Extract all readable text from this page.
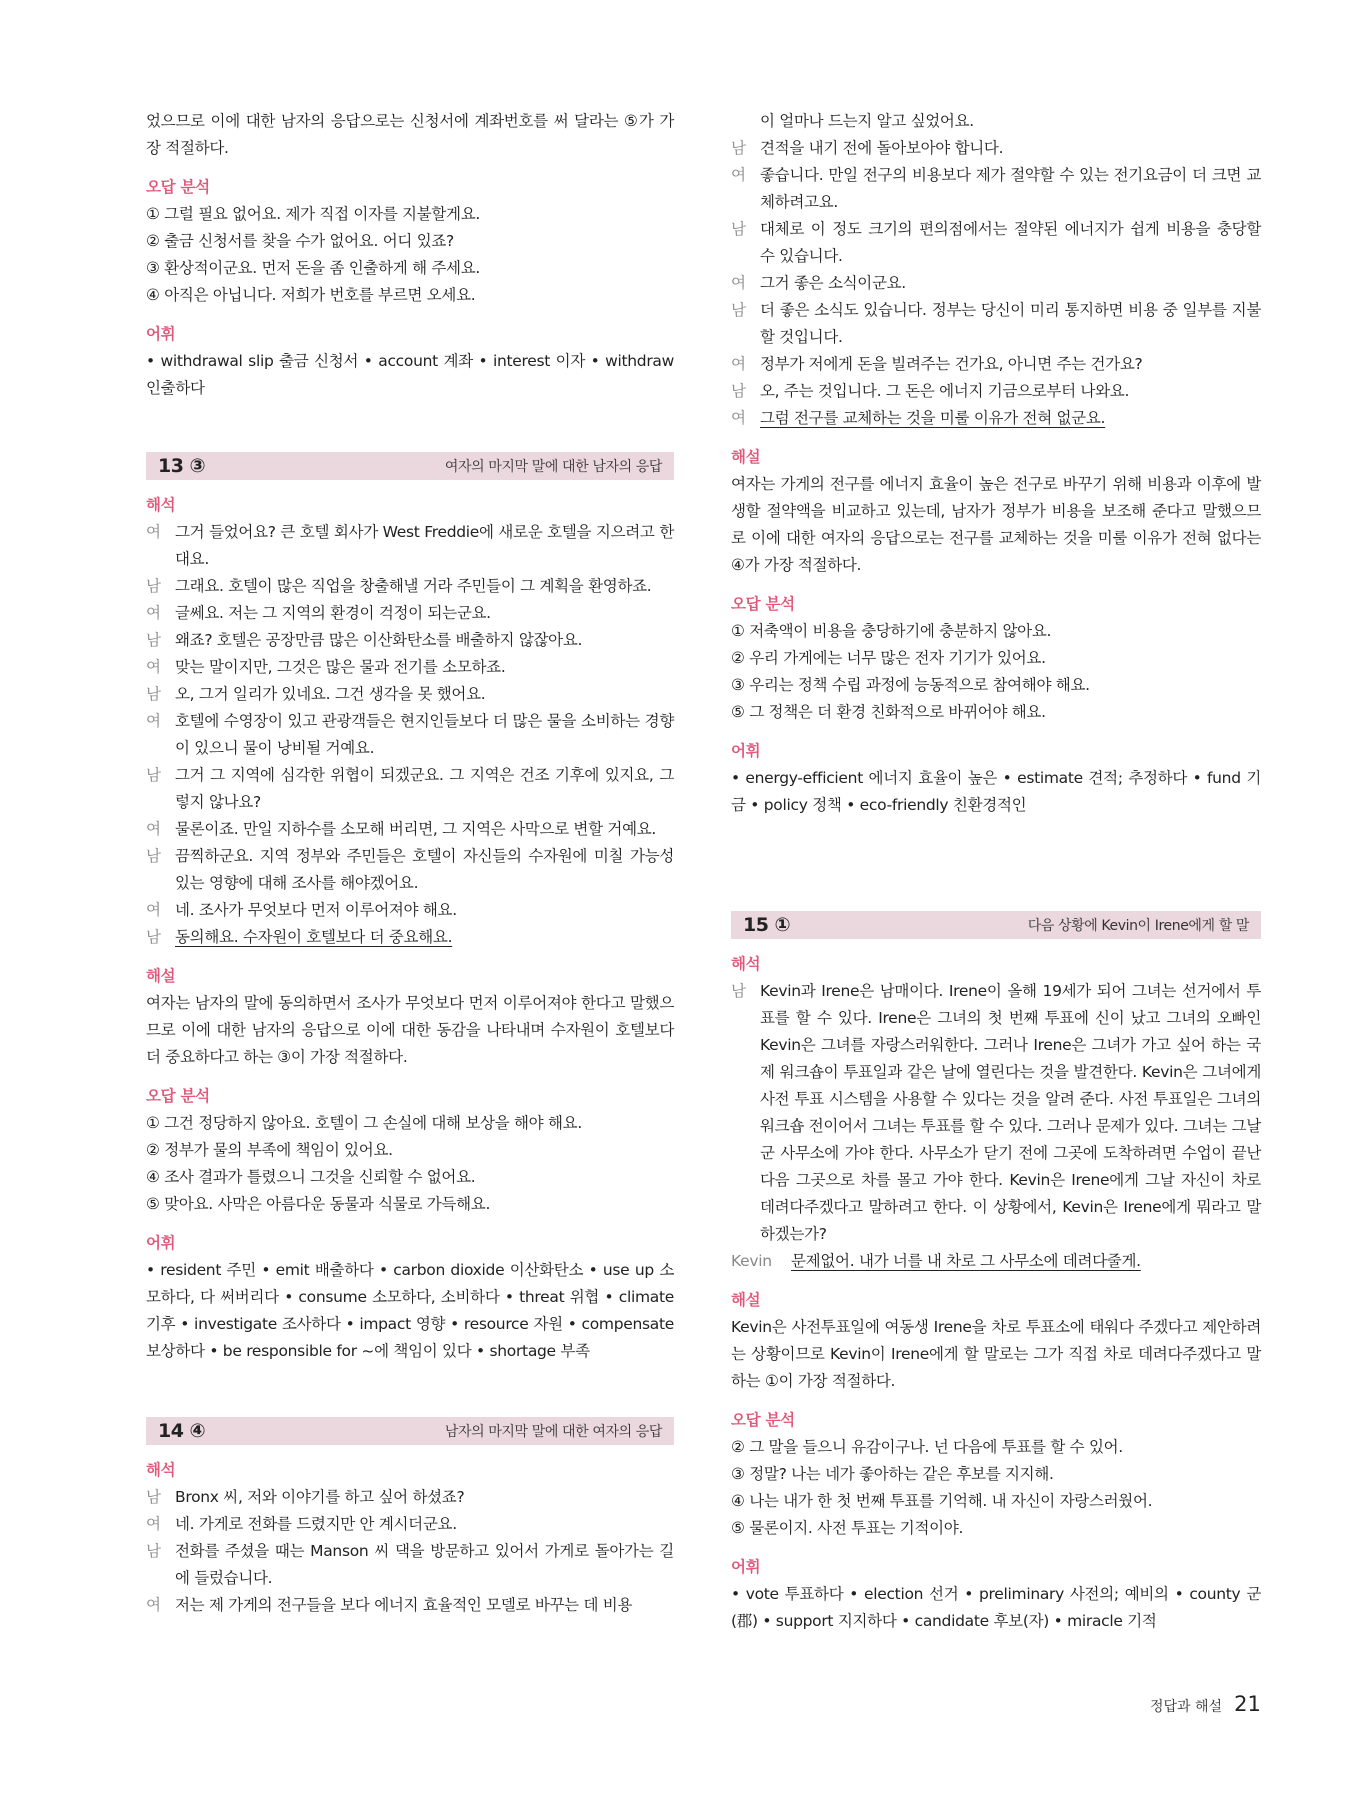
었으므로 이에 대한 남자의 응답으로는 신청서에 계좌번호를 써 달라는 ⑤가 가장 적절하다.

오답 분석
① 그럴 필요 없어요. 제가 직접 이자를 지불할게요.
② 출금 신청서를 찾을 수가 없어요. 어디 있죠?
③ 환상적이군요. 먼저 돈을 좀 인출하게 해 주세요.
④ 아직은 아닙니다. 저희가 번호를 부르면 오세요.
어휘

• withdrawal slip 출금 신청서 • account 계좌 • interest 이자 • withdraw 인출하다

13 ③	여자의 마지막 말에 대한 남자의 응답
해석
여 그거 들었어요? 큰 호텔 회사가 West Freddie에 새로운 호텔을 지으려고 한대요.
남 그래요. 호텔이 많은 직업을 창출해낼 거라 주민들이 그 계획을 환영하죠.
여 글쎄요. 저는 그 지역의 환경이 걱정이 되는군요.
남 왜죠? 호텔은 공장만큼 많은 이산화탄소를 배출하지 않잖아요.
여 맞는 말이지만, 그것은 많은 물과 전기를 소모하죠.
남 오, 그거 일리가 있네요. 그건 생각을 못 했어요.
여 호텔에 수영장이 있고 관광객들은 현지인들보다 더 많은 물을 소비하는 경향이 있으니 물이 낭비될 거예요.
남 그거 그 지역에 심각한 위협이 되겠군요. 그 지역은 건조 기후에 있지요, 그렇지 않나요?
여 물론이죠. 만일 지하수를 소모해 버리면, 그 지역은 사막으로 변할 거예요.
남 끔찍하군요. 지역 정부와 주민들은 호텔이 자신들의 수자원에 미칠 가능성 있는 영향에 대해 조사를 해야겠어요.
여 네. 조사가 무엇보다 먼저 이루어져야 해요.
남 동의해요. 수자원이 호텔보다 더 중요해요.
해설

여자는 남자의 말에 동의하면서 조사가 무엇보다 먼저 이루어져야 한다고 말했으므로 이에 대한 남자의 응답으로 이에 대한 동감을 나타내며 수자원이 호텔보다 더 중요하다고 하는 ③이 가장 적절하다.

오답 분석
① 그건 정당하지 않아요. 호텔이 그 손실에 대해 보상을 해야 해요.
② 정부가 물의 부족에 책임이 있어요.
④ 조사 결과가 틀렸으니 그것을 신뢰할 수 없어요.
⑤ 맞아요. 사막은 아름다운 동물과 식물로 가득해요.
어휘

• resident 주민 • emit 배출하다 • carbon dioxide 이산화탄소 • use up 소모하다, 다 써버리다 • consume 소모하다, 소비하다 • threat 위협 • climate 기후 • investigate 조사하다 • impact 영향 • resource 자원 • compensate 보상하다 • be responsible for ~에 책임이 있다 • shortage 부족

14 ④	남자의 마지막 말에 대한 여자의 응답
해석
남 Bronx 씨, 저와 이야기를 하고 싶어 하셨죠?
여 네. 가게로 전화를 드렸지만 안 계시더군요.
남 전화를 주셨을 때는 Manson 씨 댁을 방문하고 있어서 가게로 돌아가는 길에 들렀습니다.
여 저는 제 가게의 전구들을 보다 에너지 효율적인 모델로 바꾸는 데 비용
이 얼마나 드는지 알고 싶었어요.
남 견적을 내기 전에 돌아보아야 합니다.
여 좋습니다. 만일 전구의 비용보다 제가 절약할 수 있는 전기요금이 더 크면 교체하려고요.
남 대체로 이 정도 크기의 편의점에서는 절약된 에너지가 쉽게 비용을 충당할 수 있습니다.
여 그거 좋은 소식이군요.
남 더 좋은 소식도 있습니다. 정부는 당신이 미리 통지하면 비용 중 일부를 지불할 것입니다.
여 정부가 저에게 돈을 빌려주는 건가요, 아니면 주는 건가요?
남 오, 주는 것입니다. 그 돈은 에너지 기금으로부터 나와요.
여 그럼 전구를 교체하는 것을 미룰 이유가 전혀 없군요.
해설

여자는 가게의 전구를 에너지 효율이 높은 전구로 바꾸기 위해 비용과 이후에 발생할 절약액을 비교하고 있는데, 남자가 정부가 비용을 보조해 준다고 말했으므로 이에 대한 여자의 응답으로는 전구를 교체하는 것을 미룰 이유가 전혀 없다는 ④가 가장 적절하다.

오답 분석
① 저축액이 비용을 충당하기에 충분하지 않아요.
② 우리 가게에는 너무 많은 전자 기기가 있어요.
③ 우리는 정책 수립 과정에 능동적으로 참여해야 해요.
⑤ 그 정책은 더 환경 친화적으로 바뀌어야 해요.
어휘

• energy-efficient 에너지 효율이 높은 • estimate 견적; 추정하다 • fund 기금 • policy 정책 • eco-friendly 친환경적인

15 ①	다음 상황에 Kevin이 Irene에게 할 말
해석
남 Kevin과 Irene은 남매이다. Irene이 올해 19세가 되어 그녀는 선거에서 투표를 할 수 있다. Irene은 그녀의 첫 번째 투표에 신이 났고 그녀의 오빠인 Kevin은 그녀를 자랑스러워한다. 그러나 Irene은 그녀가 가고 싶어 하는 국제 워크숍이 투표일과 같은 날에 열린다는 것을 발견한다. Kevin은 그녀에게 사전 투표 시스템을 사용할 수 있다는 것을 알려 준다. 사전 투표일은 그녀의 워크숍 전이어서 그녀는 투표를 할 수 있다. 그러나 문제가 있다. 그녀는 그날 군 사무소에 가야 한다. 사무소가 닫기 전에 그곳에 도착하려면 수업이 끝난 다음 그곳으로 차를 몰고 가야 한다. Kevin은 Irene에게 그날 자신이 차로 데려다주겠다고 말하려고 한다. 이 상황에서, Kevin은 Irene에게 뭐라고 말하겠는가?
Kevin	문제없어. 내가 너를 내 차로 그 사무소에 데려다줄게.
해설

Kevin은 사전투표일에 여동생 Irene을 차로 투표소에 태워다 주겠다고 제안하려는 상황이므로 Kevin이 Irene에게 할 말로는 그가 직접 차로 데려다주겠다고 말하는 ①이 가장 적절하다.

오답 분석
② 그 말을 들으니 유감이구나. 넌 다음에 투표를 할 수 있어.
③ 정말? 나는 네가 좋아하는 같은 후보를 지지해.
④ 나는 내가 한 첫 번째 투표를 기억해. 내 자신이 자랑스러웠어.
⑤ 물론이지. 사전 투표는 기적이야.
어휘

• vote 투표하다 • election 선거 • preliminary 사전의; 예비의 • county 군(郡) • support 지지하다 • candidate 후보(자) • miracle 기적

정답과 해설 21
